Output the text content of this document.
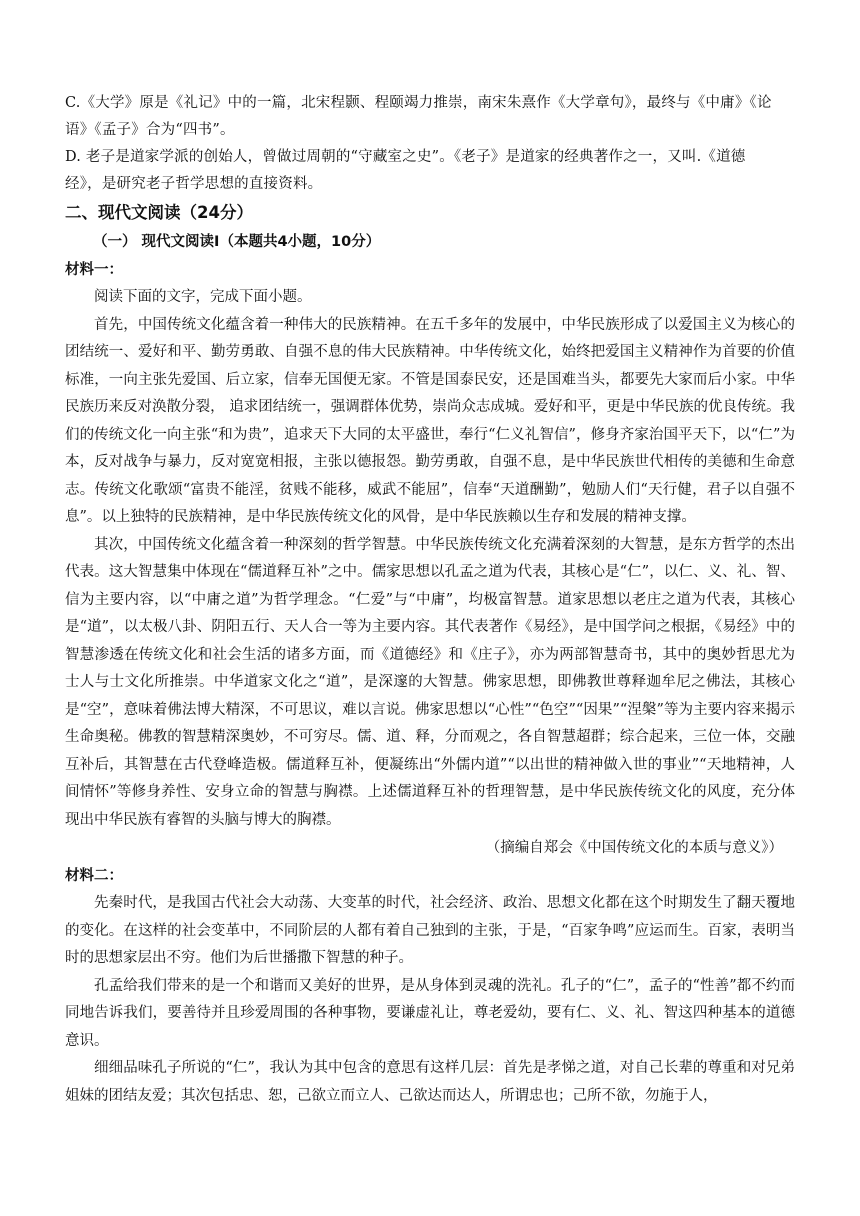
C.《大学》原是《礼记》中的一篇，北宋程颢、程颐竭力推崇，南宋朱熹作《大学章句》，最终与《中庸》《论
语》《孟子》合为“四书”。
D. 老子是道家学派的创始人，曾做过周朝的“守藏室之史”。《老子》是道家的经典著作之一，又叫.《道德
经》，是研究老子哲学思想的直接资料。
二、现代文阅读（24分）
（一） 现代文阅读Ⅰ（本题共4小题，10分）
材料一：

阅读下面的文字，完成下面小题。

首先，中国传统文化蕴含着一种伟大的民族精神。在五千多年的发展中，中华民族形成了以爱国主义为核心的团结统一、爱好和平、勤劳勇敢、自强不息的伟大民族精神。中华传统文化，始终把爱国主义精神作为首要的价值标准，一向主张先爱国、后立家，信奉无国便无家。不管是国泰民安，还是国难当头，都要先大家而后小家。中华民族历来反对涣散分裂， 追求团结统一，强调群体优势，崇尚众志成城。爱好和平，更是中华民族的优良传统。我们的传统文化一向主张“和为贵”，追求天下大同的太平盛世，奉行“仁义礼智信”，修身齐家治国平天下，以“仁”为本，反对战争与暴力，反对宽宽相报，主张以德报怨。勤劳勇敢，自强不息，是中华民族世代相传的美德和生命意志。传统文化歌颂“富贵不能淫，贫贱不能移，威武不能屈”，信奉“天道酬勤”，勉励人们“天行健，君子以自强不息”。以上独特的民族精神，是中华民族传统文化的风骨，是中华民族赖以生存和发展的精神支撑。

其次，中国传统文化蕴含着一种深刻的哲学智慧。中华民族传统文化充满着深刻的大智慧，是东方哲学的杰出代表。这大智慧集中体现在“儒道释互补”之中。儒家思想以孔孟之道为代表，其核心是“仁”，以仁、义、礼、智、信为主要内容，以“中庸之道”为哲学理念。“仁爱”与“中庸”，均极富智慧。道家思想以老庄之道为代表，其核心是“道”，以太极八卦、阴阳五行、天人合一等为主要内容。其代表著作《易经》，是中国学问之根据，《易经》中的智慧渗透在传统文化和社会生活的诸多方面，而《道德经》和《庄子》，亦为两部智慧奇书，其中的奥妙哲思尤为士人与士文化所推崇。中华道家文化之“道”，是深邃的大智慧。佛家思想，即佛教世尊释迦牟尼之佛法，其核心是“空”，意味着佛法博大精深，不可思议，难以言说。佛家思想以“心性”“色空”“因果”“涅槃”等为主要内容来揭示生命奥秘。佛教的智慧精深奥妙，不可穷尽。儒、道、释，分而观之，各自智慧超群；综合起来，三位一体，交融互补后，其智慧在古代登峰造极。儒道释互补，便凝练出“外儒内道”“以出世的精神做入世的事业”“天地精神，人间情怀”等修身养性、安身立命的智慧与胸襟。上述儒道释互补的哲理智慧，是中华民族传统文化的风度，充分体现出中华民族有睿智的头脑与博大的胸襟。

（摘编自郑会《中国传统文化的本质与意义》）
材料二：

先秦时代，是我国古代社会大动荡、大变革的时代，社会经济、政治、思想文化都在这个时期发生了翻天覆地的变化。在这样的社会变革中，不同阶层的人都有着自己独到的主张，于是，“百家争鸣”应运而生。百家，表明当时的思想家层出不穷。他们为后世播撒下智慧的种子。

孔孟给我们带来的是一个和谐而又美好的世界，是从身体到灵魂的洗礼。孔子的“仁”，孟子的“性善”都不约而同地告诉我们，要善待并且珍爱周围的各种事物，要谦虚礼让，尊老爱幼，要有仁、义、礼、智这四种基本的道德意识。

细细品味孔子所说的“仁”，我认为其中包含的意思有这样几层：首先是孝悌之道，对自己长辈的尊重和对兄弟姐妹的团结友爱；其次包括忠、恕，己欲立而立人、己欲达而达人，所谓忠也；己所不欲，勿施于人，
